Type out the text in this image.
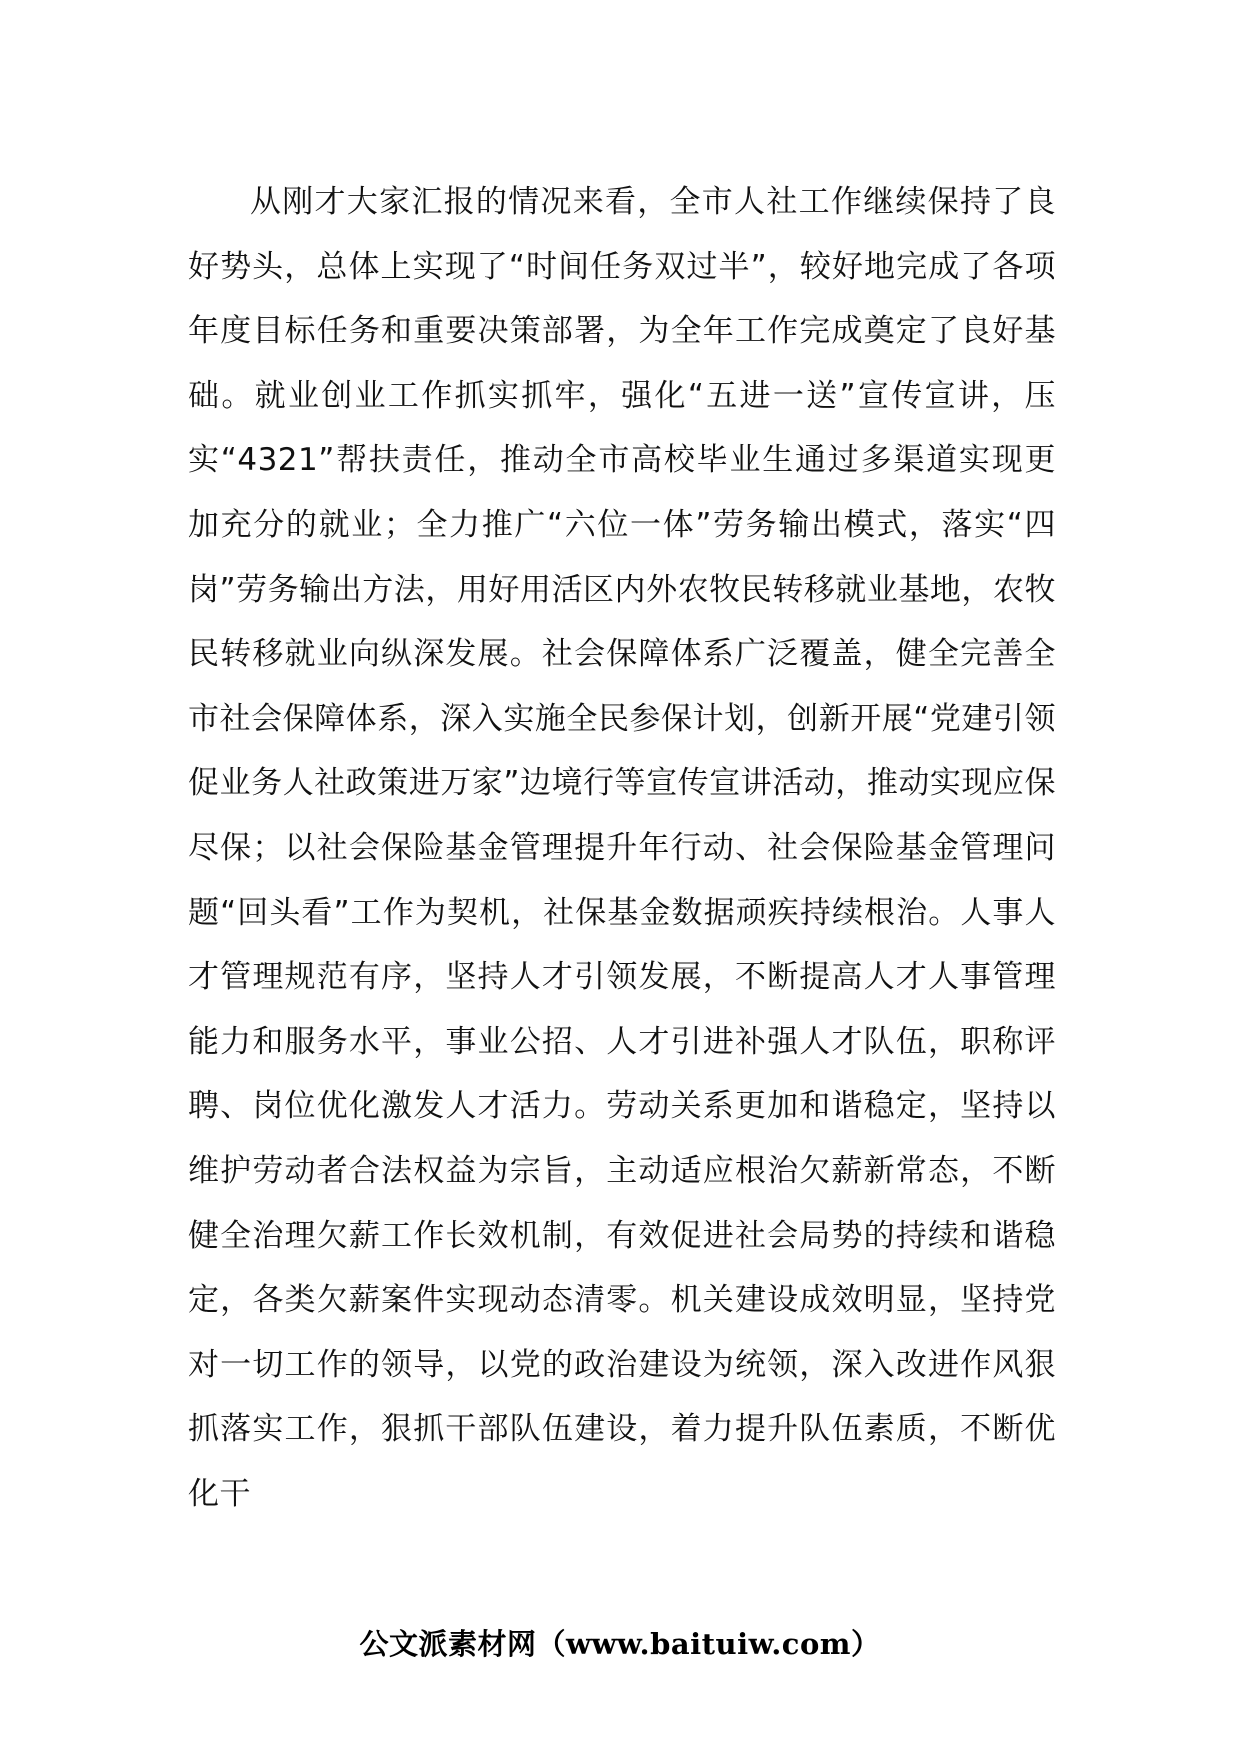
从刚才大家汇报的情况来看，全市人社工作继续保持了良好势头，总体上实现了“时间任务双过半”，较好地完成了各项年度目标任务和重要决策部署，为全年工作完成奠定了良好基础。就业创业工作抓实抓牢，强化“五进一送”宣传宣讲，压实“4321”帮扶责任，推动全市高校毕业生通过多渠道实现更加充分的就业；全力推广“六位一体”劳务输出模式，落实“四岗”劳务输出方法，用好用活区内外农牧民转移就业基地，农牧民转移就业向纵深发展。社会保障体系广泛覆盖，健全完善全市社会保障体系，深入实施全民参保计划，创新开展“党建引领促业务人社政策进万家”边境行等宣传宣讲活动，推动实现应保尽保；以社会保险基金管理提升年行动、社会保险基金管理问题“回头看”工作为契机，社保基金数据顽疾持续根治。人事人才管理规范有序，坚持人才引领发展，不断提高人才人事管理能力和服务水平，事业公招、人才引进补强人才队伍，职称评聘、岗位优化激发人才活力。劳动关系更加和谐稳定，坚持以维护劳动者合法权益为宗旨，主动适应根治欠薪新常态，不断健全治理欠薪工作长效机制，有效促进社会局势的持续和谐稳定，各类欠薪案件实现动态清零。机关建设成效明显，坚持党对一切工作的领导，以党的政治建设为统领，深入改进作风狠抓落实工作，狠抓干部队伍建设，着力提升队伍素质，不断优化干

公文派素材网（www.baituiw.com）
